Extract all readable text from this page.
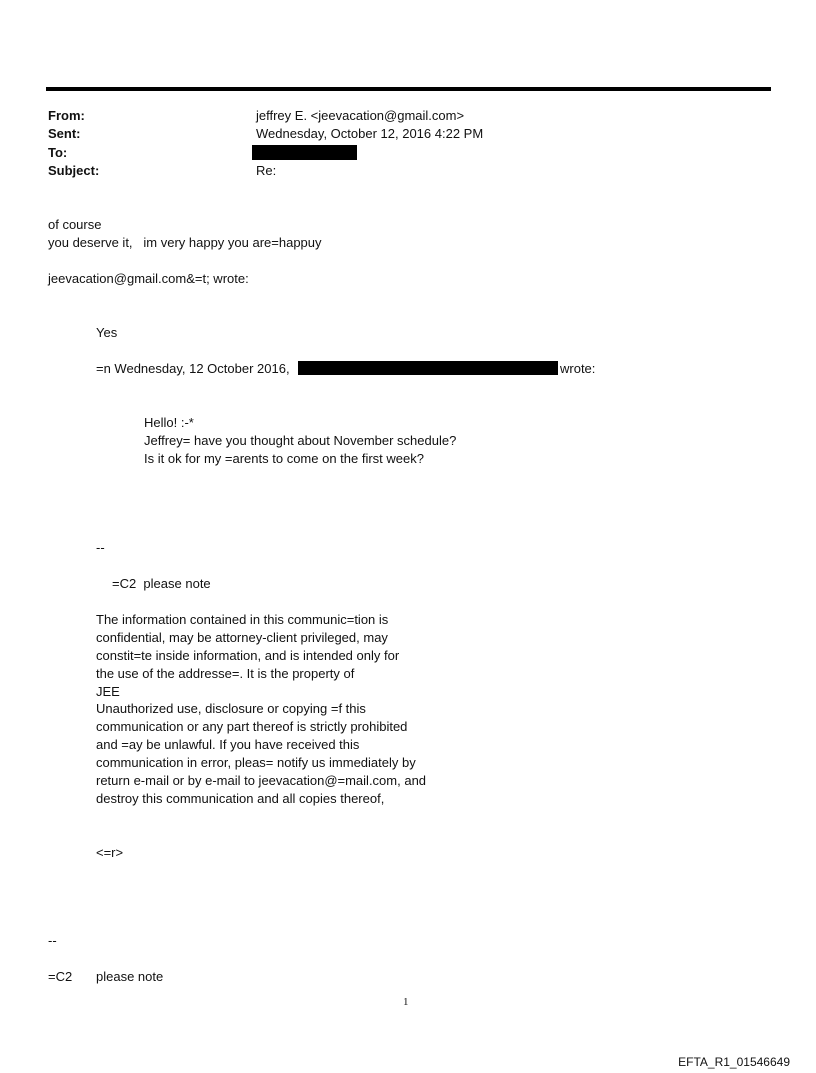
From:	jeffrey E. <jeevacation@gmail.com>
Sent:	Wednesday, October 12, 2016 4:22 PM
To:
Subject:	Re:
of course
you deserve it,   im very happy you are=happuy
jeevacation@gmail.com&=t; wrote:
Yes
=n Wednesday, 12 October 2016,	wrote:
Hello! :-*
Jeffrey= have you thought about November schedule?
Is it ok for my =arents to come on the first week?
--
=C2  please note
The information contained in this communic=tion is
confidential, may be attorney-client privileged, may
constit=te inside information, and is intended only for
the use of the addresse=. It is the property of
JEE
Unauthorized use, disclosure or copying =f this
communication or any part thereof is strictly prohibited
and =ay be unlawful. If you have received this
communication in error, pleas= notify us immediately by
return e-mail or by e-mail to jeevacation@=mail.com, and
destroy this communication and all copies thereof,
<=r>
--
=C2 please note
1
EFTA_R1_01546649
